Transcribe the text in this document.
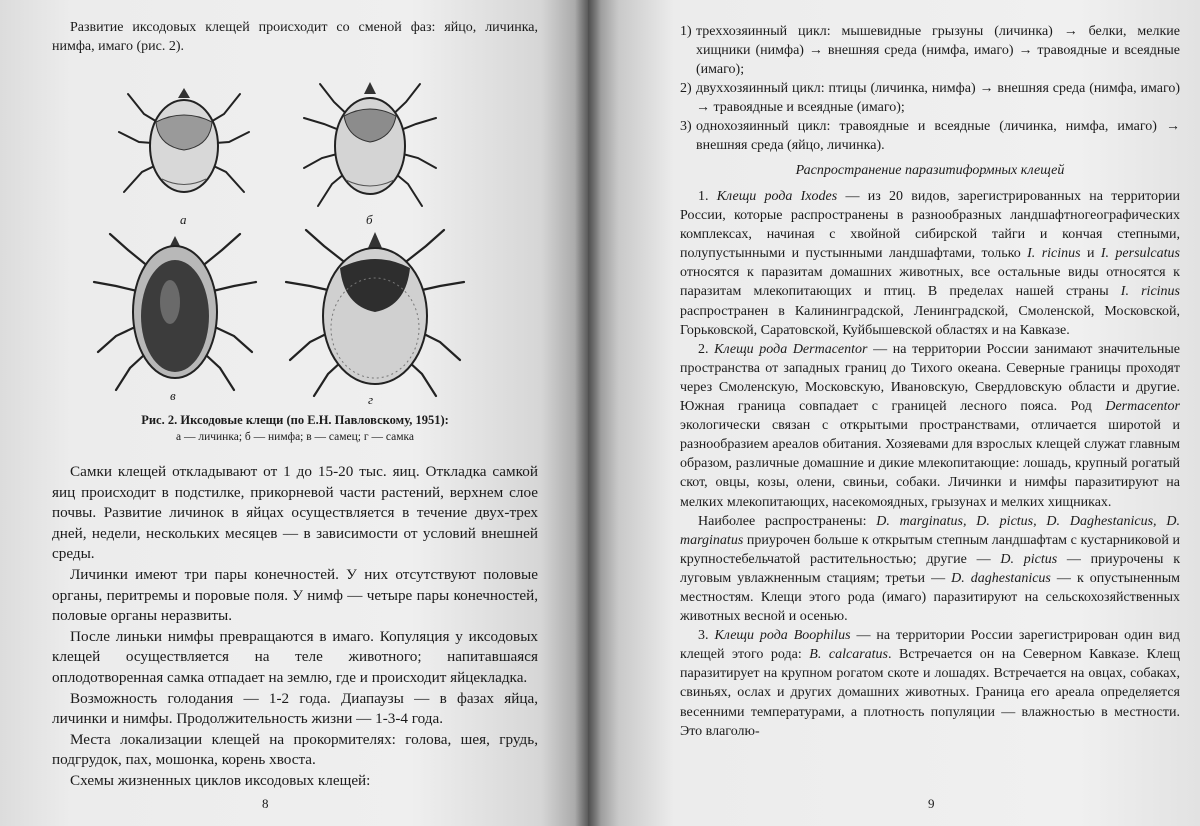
Развитие иксодовых клещей происходит со сменой фаз: яйцо, личинка, нимфа, имаго (рис. 2).

а	б
в	г
Рис. 2. Иксодовые клещи (по Е.Н. Павловскому, 1951):
а — личинка; б — нимфа; в — самец; г — самка

Самки клещей откладывают от 1 до 15-20 тыс. яиц. Откладка самкой яиц происходит в подстилке, прикорневой части растений, верхнем слое почвы. Развитие личинок в яйцах осуществляется в течение двух-трех дней, недели, нескольких месяцев — в зависимости от условий внешней среды.

Личинки имеют три пары конечностей. У них отсутствуют половые органы, перитремы и поровые поля. У нимф — четыре пары конечностей, половые органы неразвиты.

После линьки нимфы превращаются в имаго. Копуляция у иксодовых клещей осуществляется на теле животного; напитавшаяся оплодотворенная самка отпадает на землю, где и происходит яйцекладка.

Возможность голодания — 1-2 года. Диапаузы — в фазах яйца, личинки и нимфы. Продолжительность жизни — 1-3-4 года.

Места локализации клещей на прокормителях: голова, шея, грудь, подгрудок, пах, мошонка, корень хвоста.

Схемы жизненных циклов иксодовых клещей:

8
1) треххозяинный цикл: мышевидные грызуны (личинка) → белки, мелкие хищники (нимфа) → внешняя среда (нимфа, имаго) → травоядные и всеядные (имаго);
2) двуххозяинный цикл: птицы (личинка, нимфа) → внешняя среда (нимфа, имаго) → травоядные и всеядные (имаго);
3) однохозяинный цикл: травоядные и всеядные (личинка, нимфа, имаго) → внешняя среда (яйцо, личинка).
Распространение паразитиформных клещей

1. Клещи рода Ixodes — из 20 видов, зарегистрированных на территории России, которые распространены в разнообразных ландшафтногеографических комплексах, начиная с хвойной сибирской тайги и кончая степными, полупустынными и пустынными ландшафтами, только I. ricinus и I. persulcatus относятся к паразитам домашних животных, все остальные виды относятся к паразитам млекопитающих и птиц. В пределах нашей страны I. ricinus распространен в Калининградской, Ленинградской, Смоленской, Московской, Горьковской, Саратовской, Куйбышевской областях и на Кавказе.

2. Клещи рода Dermacentor — на территории России занимают значительные пространства от западных границ до Тихого океана. Северные границы проходят через Смоленскую, Московскую, Ивановскую, Свердловскую области и другие. Южная граница совпадает с границей лесного пояса. Род Dermacentor экологически связан с открытыми пространствами, отличается широтой и разнообразием ареалов обитания. Хозяевами для взрослых клещей служат главным образом, различные домашние и дикие млекопитающие: лошадь, крупный рогатый скот, овцы, козы, олени, свиньи, собаки. Личинки и нимфы паразитируют на мелких млекопитающих, насекомоядных, грызунах и мелких хищниках.

Наиболее распространены: D. marginatus, D. pictus, D. Daghestanicus, D. marginatus приурочен больше к открытым степным ландшафтам с кустарниковой и крупностебельчатой растительностью; другие — D. pictus — приурочены к луговым увлажненным стациям; третьи — D. daghestanicus — к опустыненным местностям. Клещи этого рода (имаго) паразитируют на сельскохозяйственных животных весной и осенью.

3. Клещи рода Boophilus — на территории России зарегистрирован один вид клещей этого рода: B. calcaratus. Встречается он на Северном Кавказе. Клещ паразитирует на крупном рогатом скоте и лошадях. Встречается на овцах, собаках, свиньях, ослах и других домашних животных. Граница его ареала определяется весенними температурами, а плотность популяции — влажностью в местности. Это влаголю-

9
